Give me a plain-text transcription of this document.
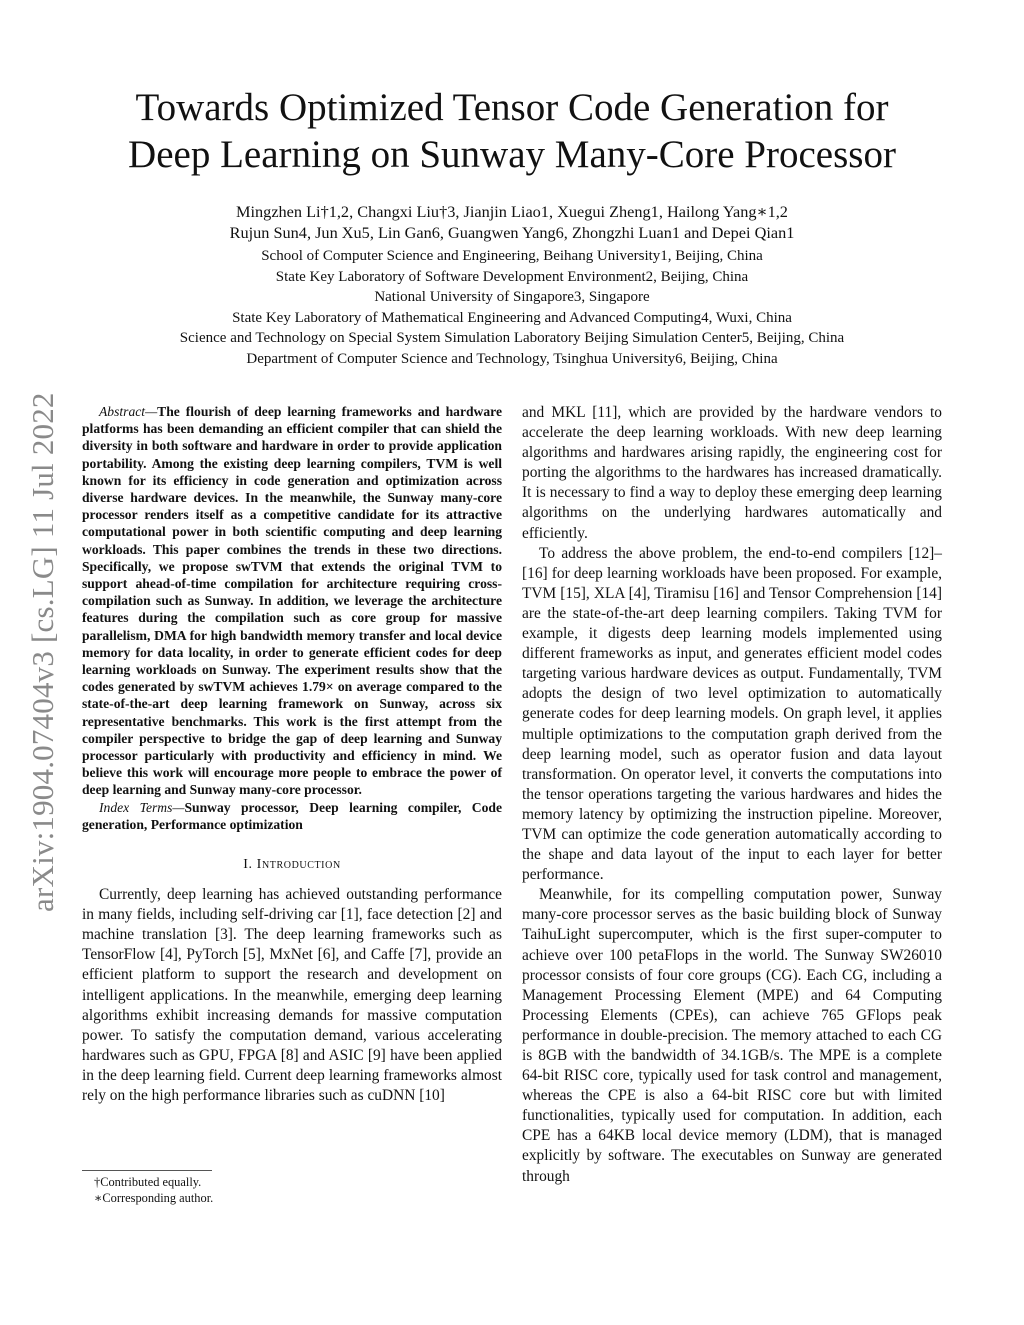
arXiv:1904.07404v3 [cs.LG] 11 Jul 2022
Towards Optimized Tensor Code Generation for
Deep Learning on Sunway Many-Core Processor
Mingzhen Li†1,2, Changxi Liu†3, Jianjin Liao1, Xuegui Zheng1, Hailong Yang∗1,2
Rujun Sun4, Jun Xu5, Lin Gan6, Guangwen Yang6, Zhongzhi Luan1 and Depei Qian1
School of Computer Science and Engineering, Beihang University1, Beijing, China
State Key Laboratory of Software Development Environment2, Beijing, China
National University of Singapore3, Singapore
State Key Laboratory of Mathematical Engineering and Advanced Computing4, Wuxi, China
Science and Technology on Special System Simulation Laboratory Beijing Simulation Center5, Beijing, China
Department of Computer Science and Technology, Tsinghua University6, Beijing, China

Abstract—The flourish of deep learning frameworks and hardware platforms has been demanding an efficient compiler that can shield the diversity in both software and hardware in order to provide application portability. Among the existing deep learning compilers, TVM is well known for its efficiency in code generation and optimization across diverse hardware devices. In the meanwhile, the Sunway many-core processor renders itself as a competitive candidate for its attractive computational power in both scientific computing and deep learning workloads. This paper combines the trends in these two directions. Specifically, we propose swTVM that extends the original TVM to support ahead-of-time compilation for architecture requiring cross-compilation such as Sunway. In addition, we leverage the architecture features during the compilation such as core group for massive parallelism, DMA for high bandwidth memory transfer and local device memory for data locality, in order to generate efficient codes for deep learning workloads on Sunway. The experiment results show that the codes generated by swTVM achieves 1.79× on average compared to the state-of-the-art deep learning framework on Sunway, across six representative benchmarks. This work is the first attempt from the compiler perspective to bridge the gap of deep learning and Sunway processor particularly with productivity and efficiency in mind. We believe this work will encourage more people to embrace the power of deep learning and Sunway many-core processor.

Index Terms—Sunway processor, Deep learning compiler, Code generation, Performance optimization

I. Introduction

Currently, deep learning has achieved outstanding performance in many fields, including self-driving car [1], face detection [2] and machine translation [3]. The deep learning frameworks such as TensorFlow [4], PyTorch [5], MxNet [6], and Caffe [7], provide an efficient platform to support the research and development on intelligent applications. In the meanwhile, emerging deep learning algorithms exhibit increasing demands for massive computation power. To satisfy the computation demand, various accelerating hardwares such as GPU, FPGA [8] and ASIC [9] have been applied in the deep learning field. Current deep learning frameworks almost rely on the high performance libraries such as cuDNN [10]

and MKL [11], which are provided by the hardware vendors to accelerate the deep learning workloads. With new deep learning algorithms and hardwares arising rapidly, the engineering cost for porting the algorithms to the hardwares has increased dramatically. It is necessary to find a way to deploy these emerging deep learning algorithms on the underlying hardwares automatically and efficiently.

To address the above problem, the end-to-end compilers [12]–[16] for deep learning workloads have been proposed. For example, TVM [15], XLA [4], Tiramisu [16] and Tensor Comprehension [14] are the state-of-the-art deep learning compilers. Taking TVM for example, it digests deep learning models implemented using different frameworks as input, and generates efficient model codes targeting various hardware devices as output. Fundamentally, TVM adopts the design of two level optimization to automatically generate codes for deep learning models. On graph level, it applies multiple optimizations to the computation graph derived from the deep learning model, such as operator fusion and data layout transformation. On operator level, it converts the computations into the tensor operations targeting the various hardwares and hides the memory latency by optimizing the instruction pipeline. Moreover, TVM can optimize the code generation automatically according to the shape and data layout of the input to each layer for better performance.

Meanwhile, for its compelling computation power, Sunway many-core processor serves as the basic building block of Sunway TaihuLight supercomputer, which is the first super-computer to achieve over 100 petaFlops in the world. The Sunway SW26010 processor consists of four core groups (CG). Each CG, including a Management Processing Element (MPE) and 64 Computing Processing Elements (CPEs), can achieve 765 GFlops peak performance in double-precision. The memory attached to each CG is 8GB with the bandwidth of 34.1GB/s. The MPE is a complete 64-bit RISC core, typically used for task control and management, whereas the CPE is also a 64-bit RISC core but with limited functionalities, typically used for computation. In addition, each CPE has a 64KB local device memory (LDM), that is managed explicitly by software. The executables on Sunway are generated through

†Contributed equally.
∗Corresponding author.
